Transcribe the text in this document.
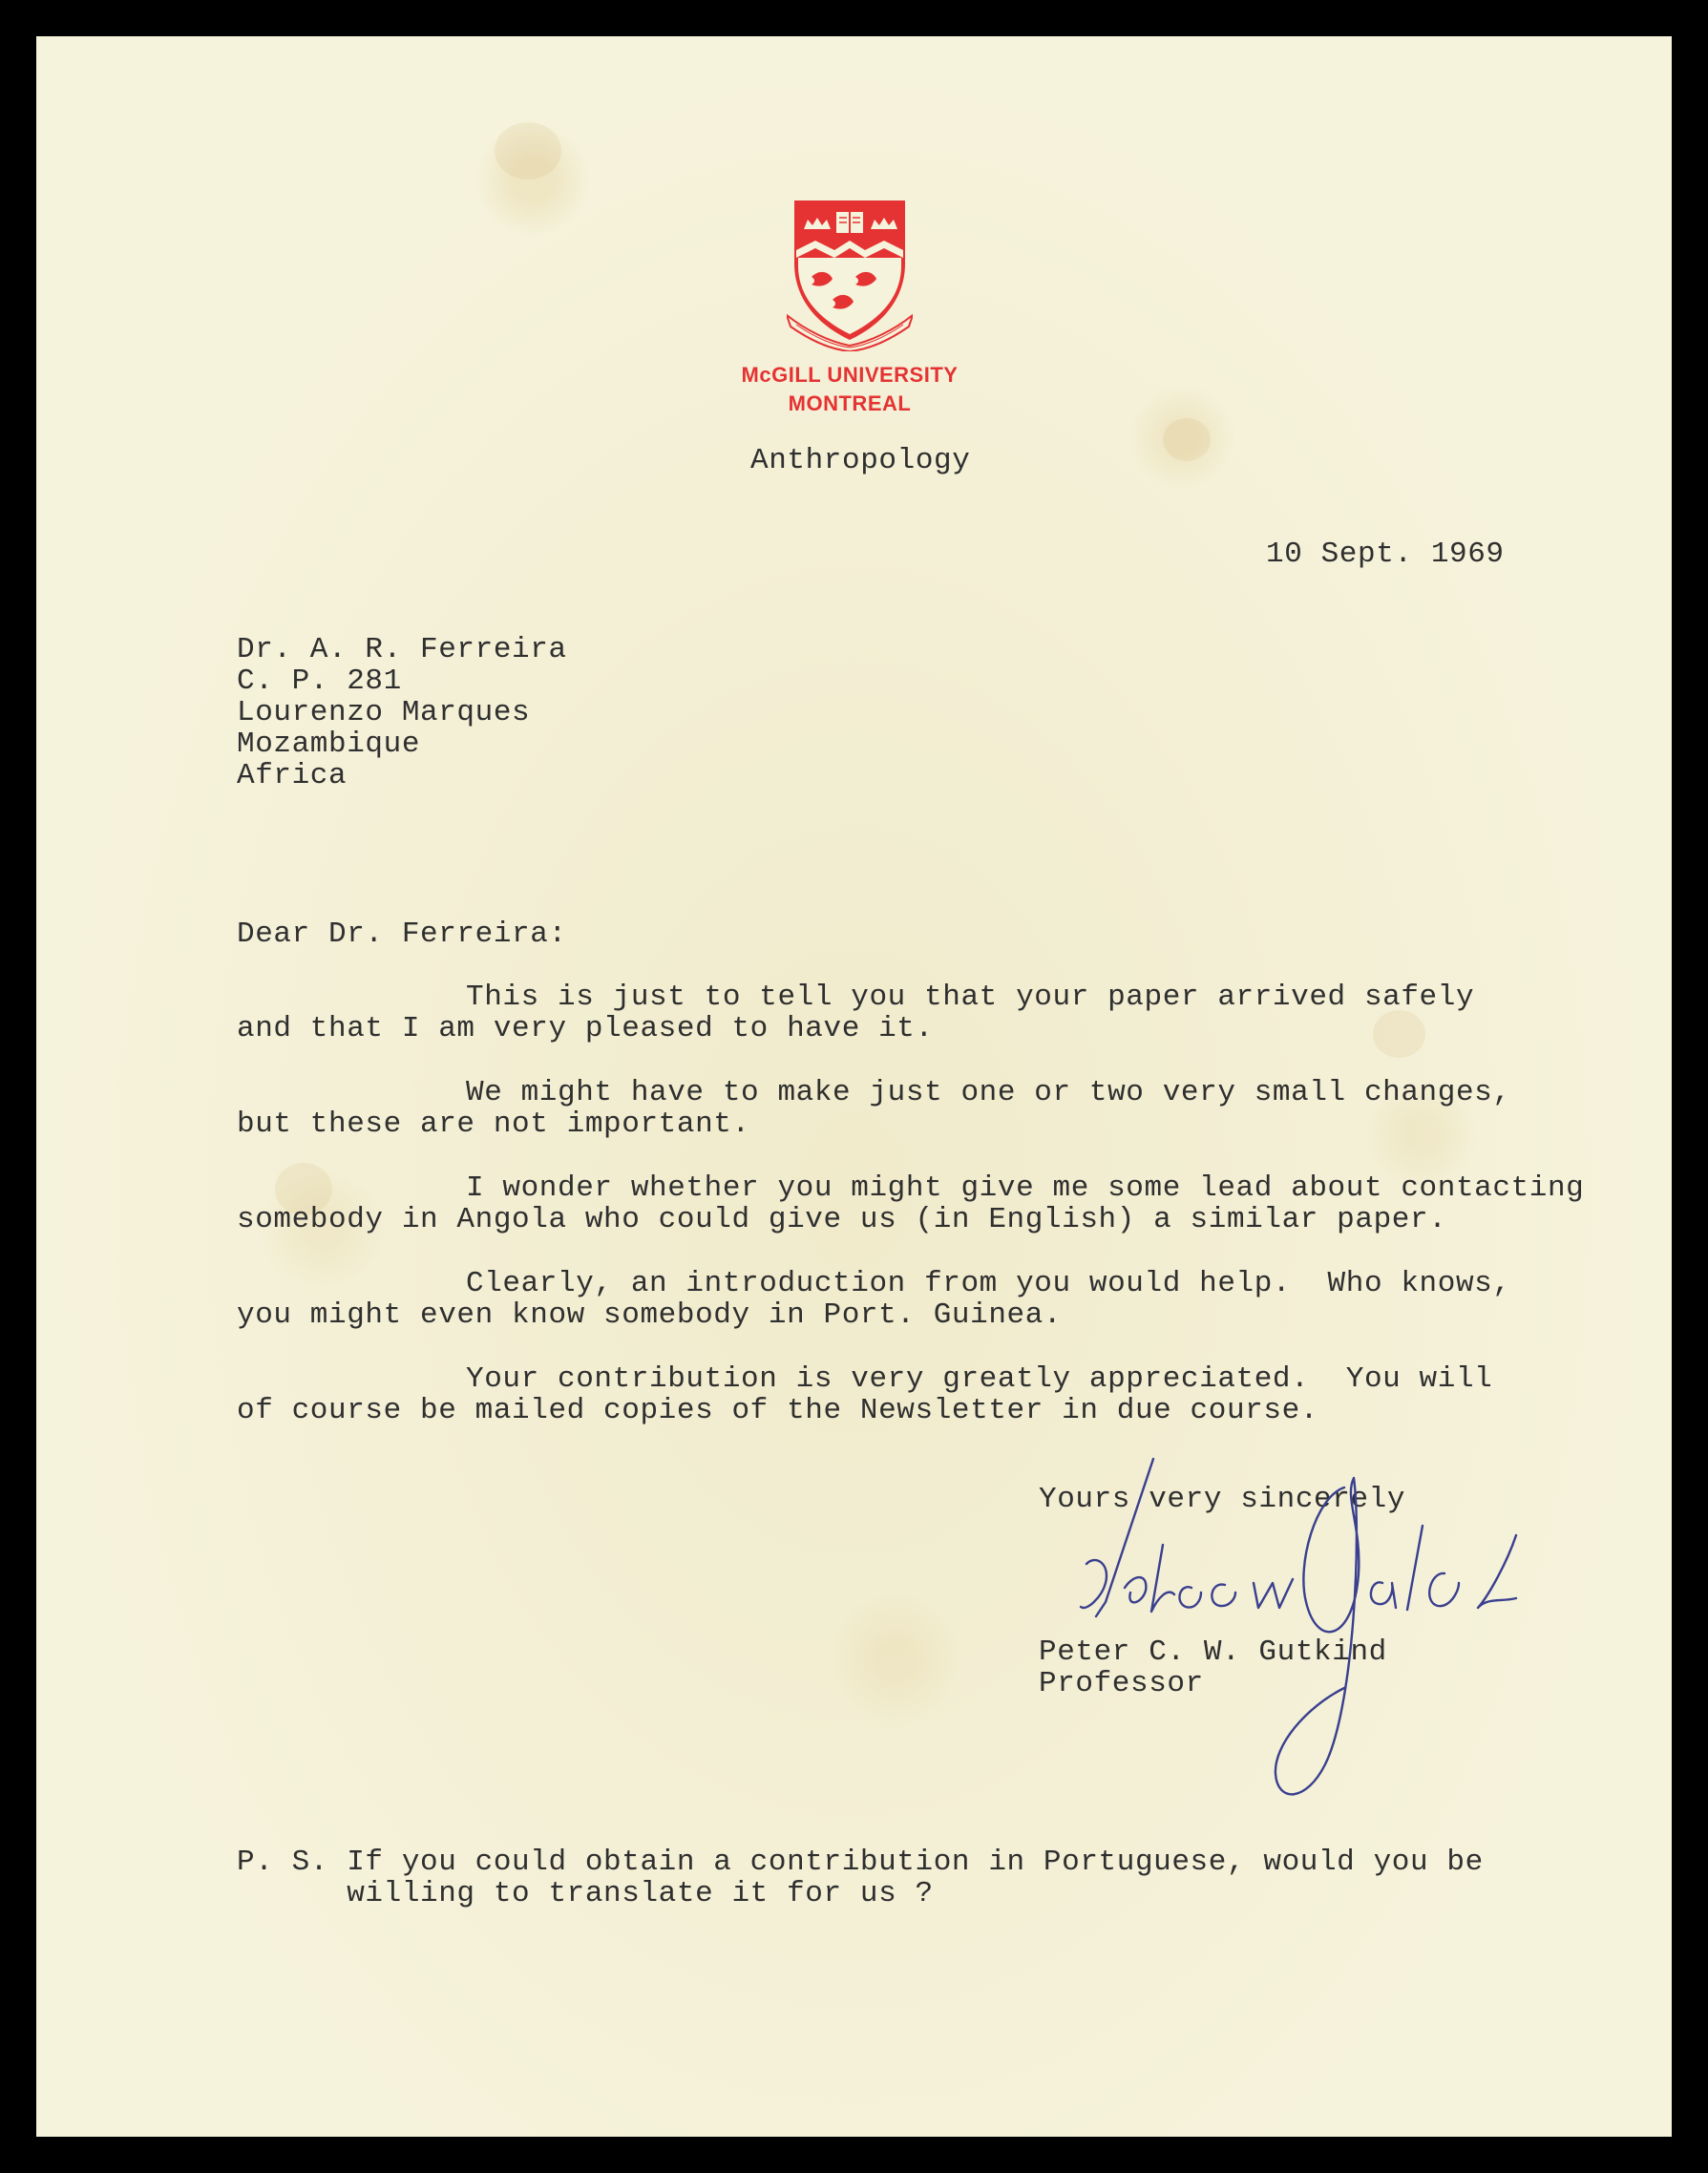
McGILL UNIVERSITY
MONTREAL
Anthropology
10 Sept. 1969
Dr. A. R. Ferreira
C. P. 281
Lourenzo Marques
Mozambique
Africa
Dear Dr. Ferreira:
This is just to tell you that your paper arrived safely
and that I am very pleased to have it.
We might have to make just one or two very small changes,
but these are not important.
I wonder whether you might give me some lead about contacting
somebody in Angola who could give us (in English) a similar paper.
Clearly, an introduction from you would help.  Who knows,
you might even know somebody in Port. Guinea.
Your contribution is very greatly appreciated.  You will
of course be mailed copies of the Newsletter in due course.
Yours very sincerely
Peter C. W. Gutkind
Professor
P. S. If you could obtain a contribution in Portuguese, would you be
willing to translate it for us ?
